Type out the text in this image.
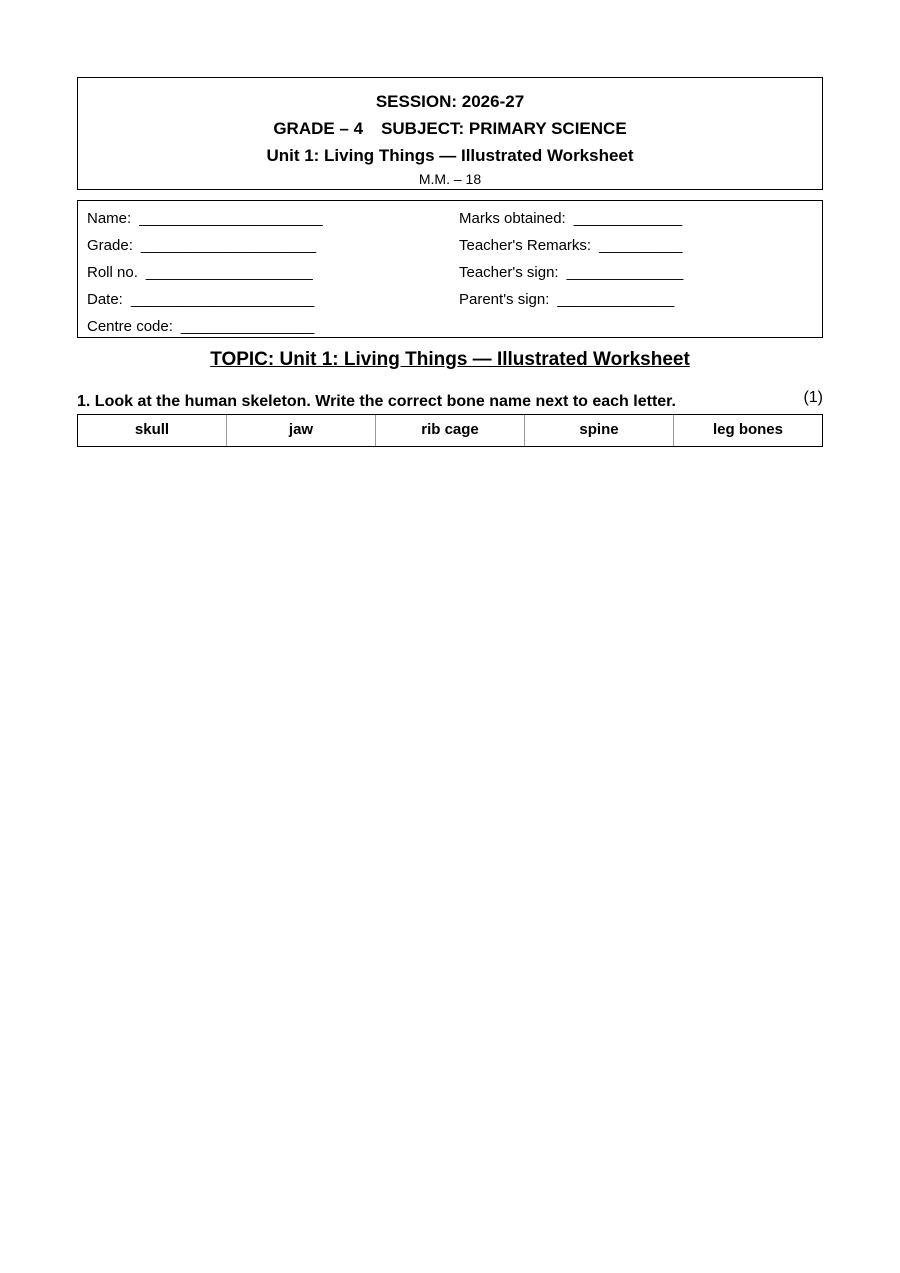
SESSION: 2026-27
GRADE – 4 SUBJECT: PRIMARY SCIENCE
Unit 1: Living Things — Illustrated Worksheet
M.M. – 18
Name: ______________________
Grade: _____________________
Roll no. ____________________
Date: ______________________
Centre code: ________________
Marks obtained: _____________
Teacher's Remarks: __________
Teacher's sign: ______________
Parent's sign: ______________
TOPIC: Unit 1: Living Things — Illustrated Worksheet
1. Look at the human skeleton. Write the correct bone name next to each letter.	(1)
skull	jaw	rib cage	spine	leg bones
